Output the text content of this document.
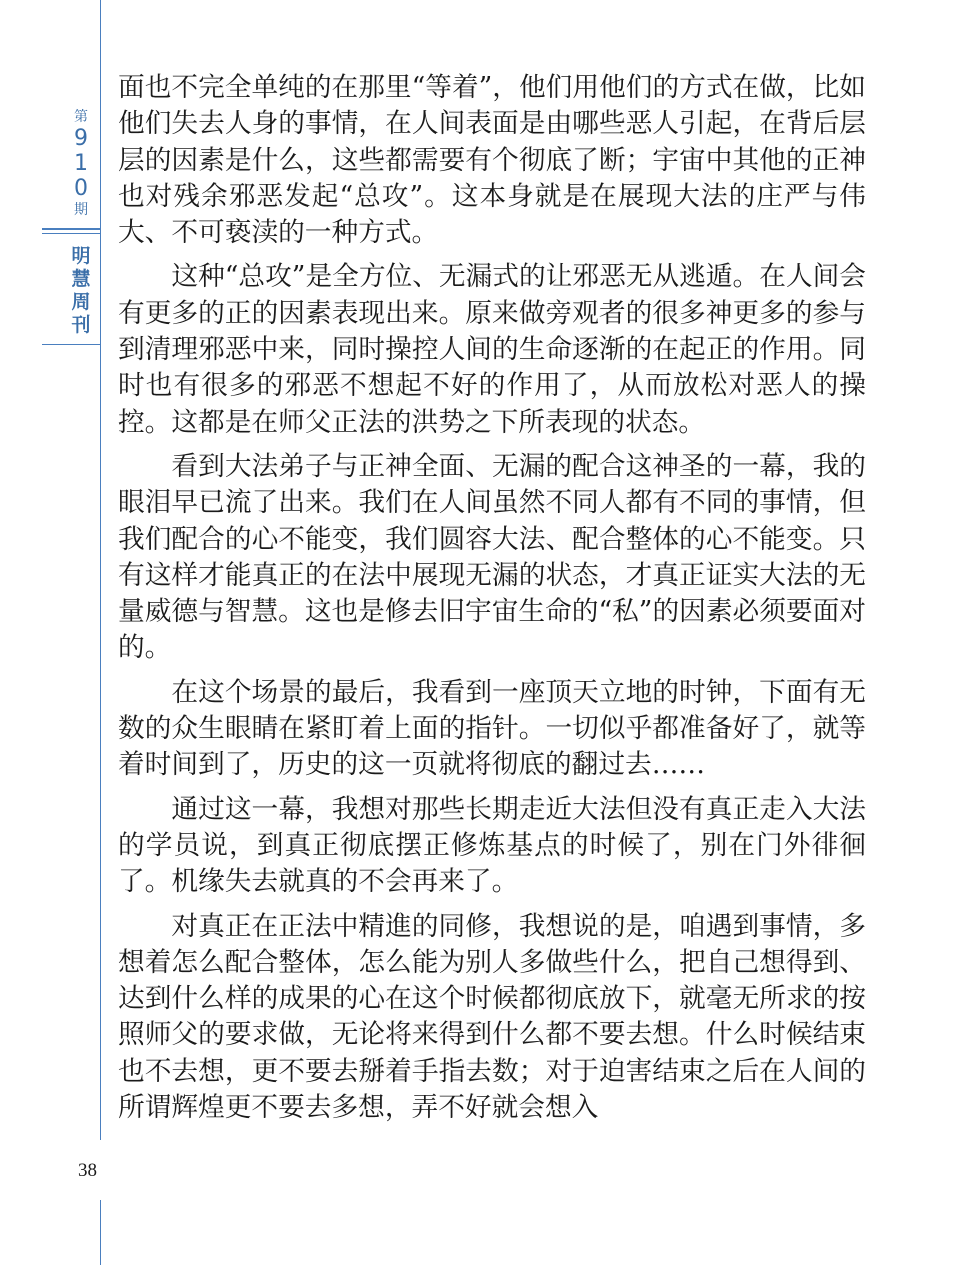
第
9
1
0
期
明
慧
周
刊
38

面也不完全单纯的在那里“等着”，他们用他们的方式在做，比如他们失去人身的事情，在人间表面是由哪些恶人引起，在背后层层的因素是什么，这些都需要有个彻底了断；宇宙中其他的正神也对残余邪恶发起“总攻”。这本身就是在展现大法的庄严与伟大、不可亵渎的一种方式。

这种“总攻”是全方位、无漏式的让邪恶无从逃遁。在人间会有更多的正的因素表现出来。原来做旁观者的很多神更多的参与到清理邪恶中来，同时操控人间的生命逐渐的在起正的作用。同时也有很多的邪恶不想起不好的作用了，从而放松对恶人的操控。这都是在师父正法的洪势之下所表现的状态。

看到大法弟子与正神全面、无漏的配合这神圣的一幕，我的眼泪早已流了出来。我们在人间虽然不同人都有不同的事情，但我们配合的心不能变，我们圆容大法、配合整体的心不能变。只有这样才能真正的在法中展现无漏的状态，才真正证实大法的无量威德与智慧。这也是修去旧宇宙生命的“私”的因素必须要面对的。

在这个场景的最后，我看到一座顶天立地的时钟，下面有无数的众生眼睛在紧盯着上面的指针。一切似乎都准备好了，就等着时间到了，历史的这一页就将彻底的翻过去……

通过这一幕，我想对那些长期走近大法但没有真正走入大法的学员说，到真正彻底摆正修炼基点的时候了，别在门外徘徊了。机缘失去就真的不会再来了。

对真正在正法中精進的同修，我想说的是，咱遇到事情，多想着怎么配合整体，怎么能为别人多做些什么，把自己想得到、达到什么样的成果的心在这个时候都彻底放下，就毫无所求的按照师父的要求做，无论将来得到什么都不要去想。什么时候结束也不去想，更不要去掰着手指去数；对于迫害结束之后在人间的所谓辉煌更不要去多想，弄不好就会想入
